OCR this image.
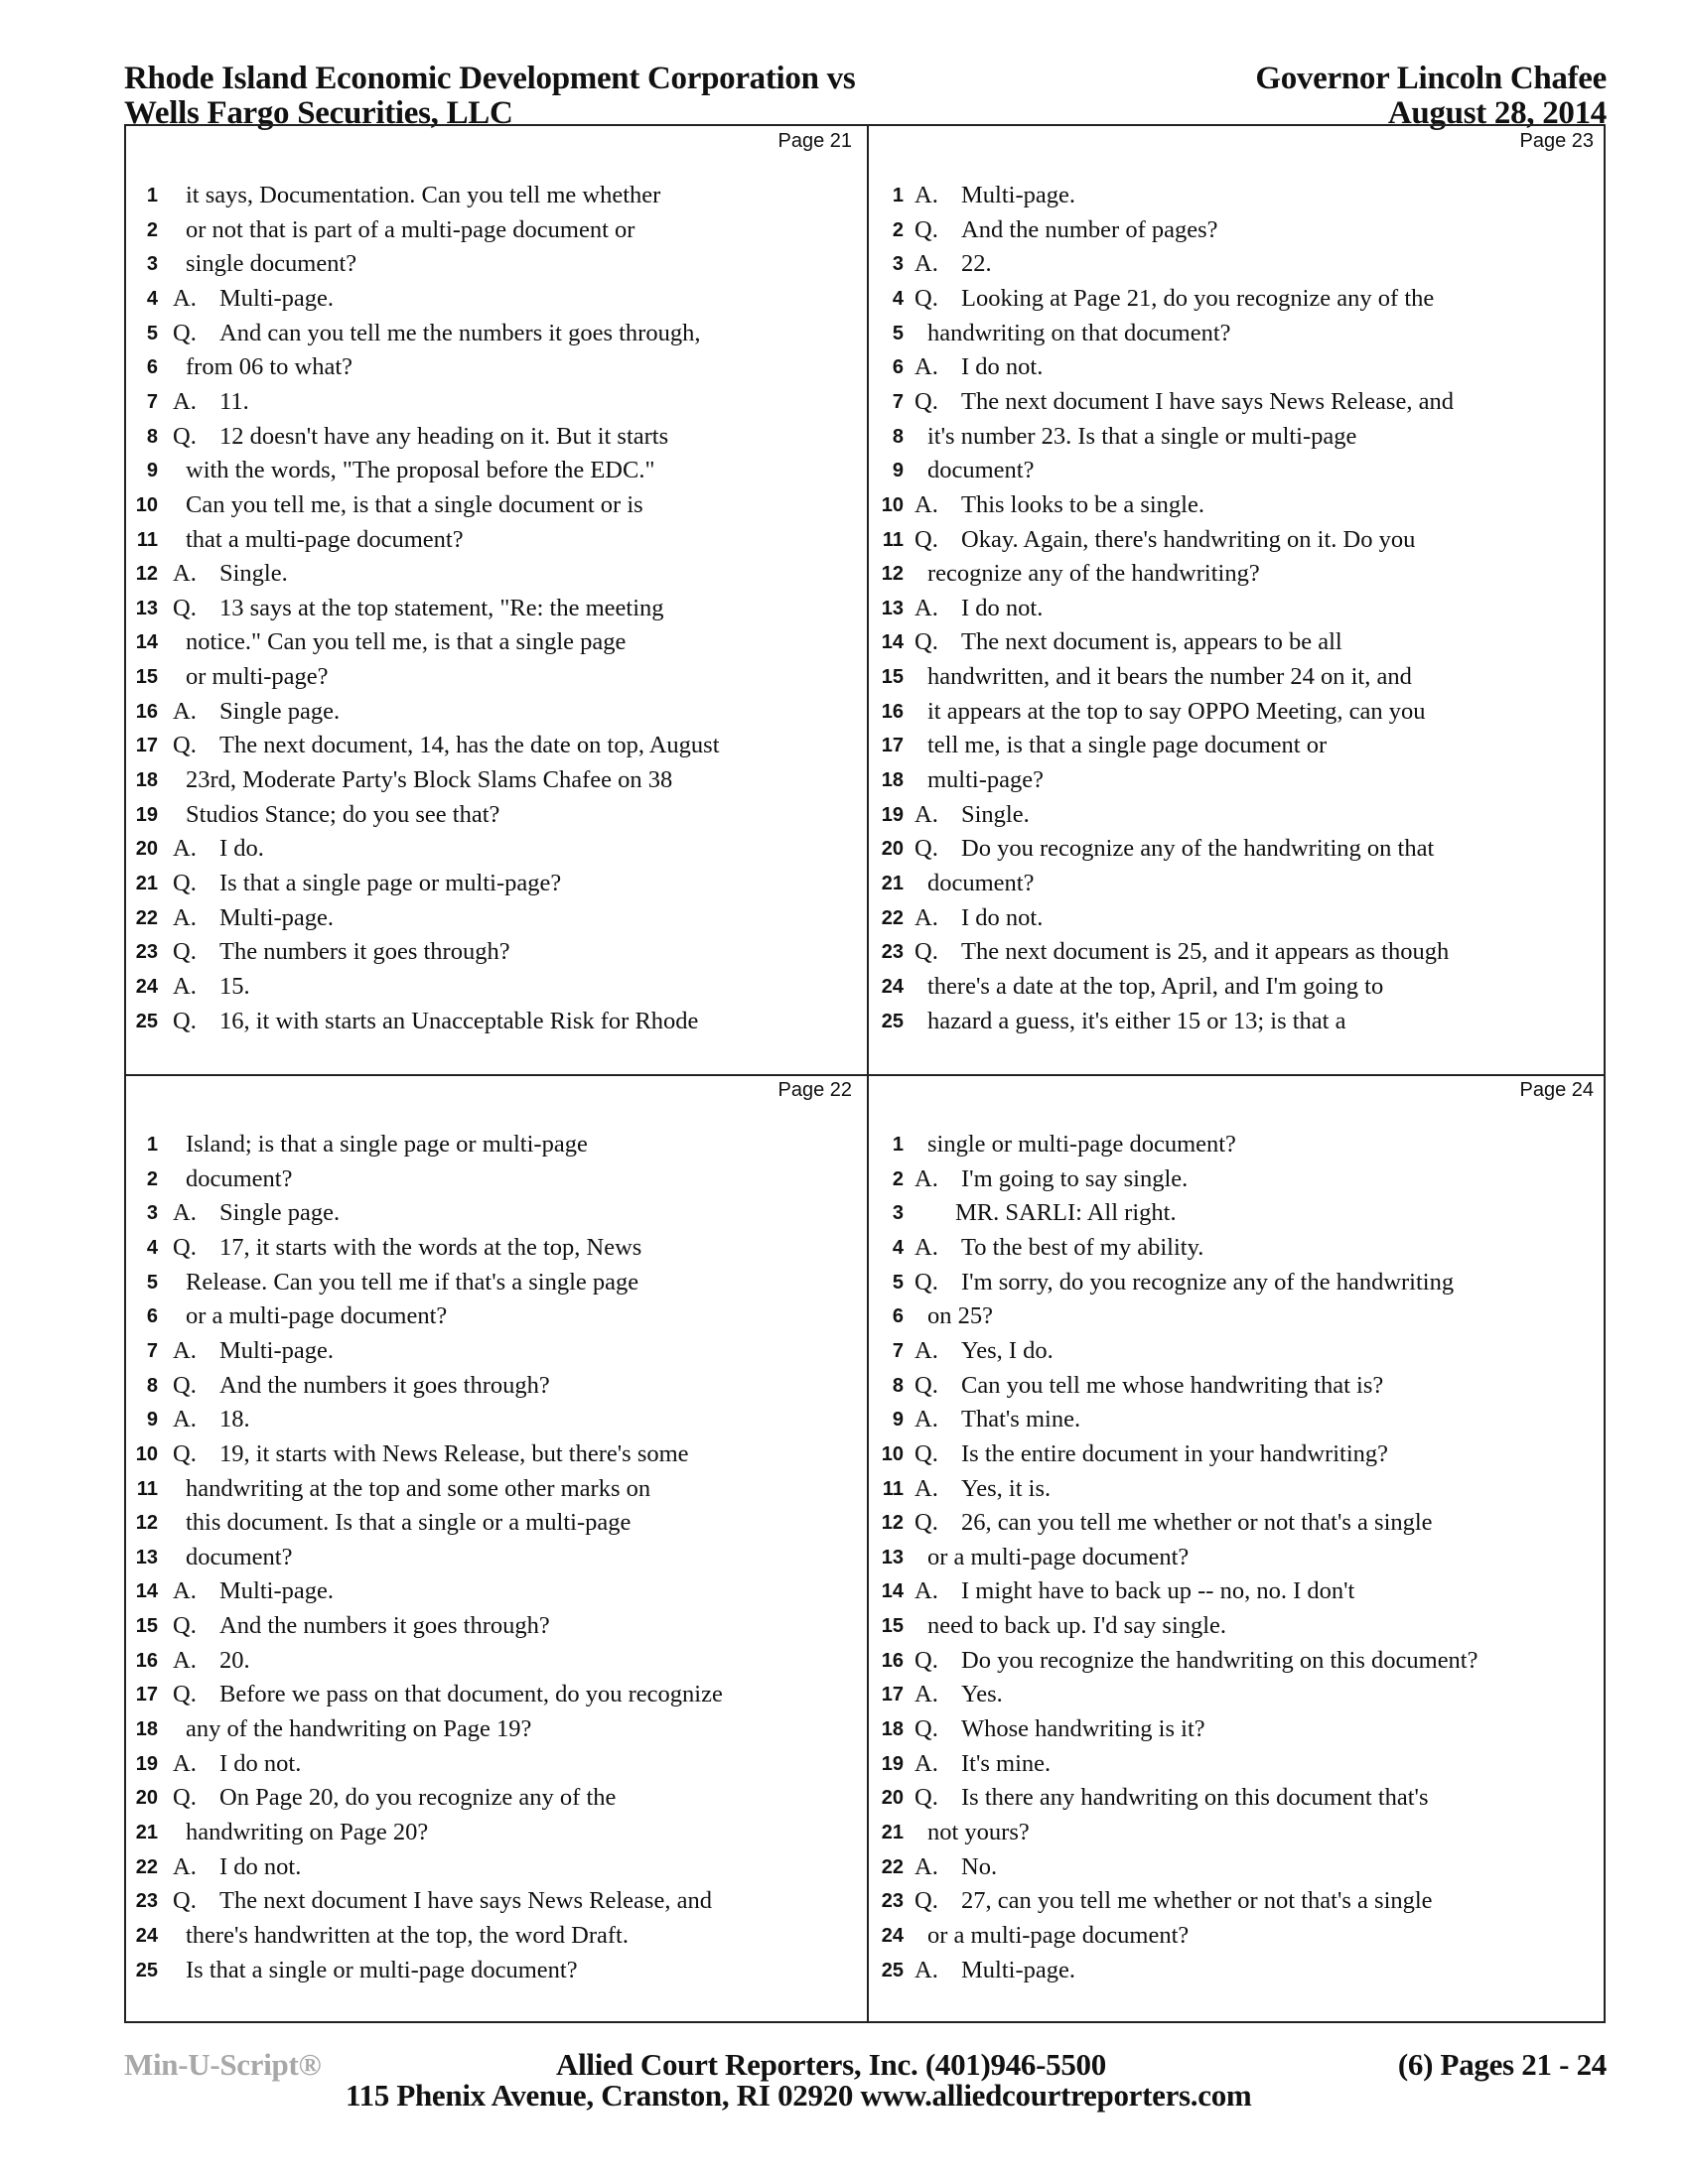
Rhode Island Economic Development Corporation vs
Wells Fargo Securities, LLC
Governor Lincoln Chafee
August 28, 2014
Page 21
1 it says, Documentation. Can you tell me whether
2 or not that is part of a multi-page document or
3 single document?
4 A. Multi-page.
5 Q. And can you tell me the numbers it goes through,
6 from 06 to what?
7 A. 11.
8 Q. 12 doesn't have any heading on it. But it starts
9 with the words, "The proposal before the EDC."
10 Can you tell me, is that a single document or is
11 that a multi-page document?
12 A. Single.
13 Q. 13 says at the top statement, "Re: the meeting
14 notice." Can you tell me, is that a single page
15 or multi-page?
16 A. Single page.
17 Q. The next document, 14, has the date on top, August
18 23rd, Moderate Party's Block Slams Chafee on 38
19 Studios Stance; do you see that?
20 A. I do.
21 Q. Is that a single page or multi-page?
22 A. Multi-page.
23 Q. The numbers it goes through?
24 A. 15.
25 Q. 16, it with starts an Unacceptable Risk for Rhode
Page 23
1 A. Multi-page.
2 Q. And the number of pages?
3 A. 22.
4 Q. Looking at Page 21, do you recognize any of the
5 handwriting on that document?
6 A. I do not.
7 Q. The next document I have says News Release, and
8 it's number 23. Is that a single or multi-page
9 document?
10 A. This looks to be a single.
11 Q. Okay. Again, there's handwriting on it. Do you
12 recognize any of the handwriting?
13 A. I do not.
14 Q. The next document is, appears to be all
15 handwritten, and it bears the number 24 on it, and
16 it appears at the top to say OPPO Meeting, can you
17 tell me, is that a single page document or
18 multi-page?
19 A. Single.
20 Q. Do you recognize any of the handwriting on that
21 document?
22 A. I do not.
23 Q. The next document is 25, and it appears as though
24 there's a date at the top, April, and I'm going to
25 hazard a guess, it's either 15 or 13; is that a
Page 22
1 Island; is that a single page or multi-page
2 document?
3 A. Single page.
4 Q. 17, it starts with the words at the top, News
5 Release. Can you tell me if that's a single page
6 or a multi-page document?
7 A. Multi-page.
8 Q. And the numbers it goes through?
9 A. 18.
10 Q. 19, it starts with News Release, but there's some
11 handwriting at the top and some other marks on
12 this document. Is that a single or a multi-page
13 document?
14 A. Multi-page.
15 Q. And the numbers it goes through?
16 A. 20.
17 Q. Before we pass on that document, do you recognize
18 any of the handwriting on Page 19?
19 A. I do not.
20 Q. On Page 20, do you recognize any of the
21 handwriting on Page 20?
22 A. I do not.
23 Q. The next document I have says News Release, and
24 there's handwritten at the top, the word Draft.
25 Is that a single or multi-page document?
Page 24
1 single or multi-page document?
2 A. I'm going to say single.
3 MR. SARLI: All right.
4 A. To the best of my ability.
5 Q. I'm sorry, do you recognize any of the handwriting
6 on 25?
7 A. Yes, I do.
8 Q. Can you tell me whose handwriting that is?
9 A. That's mine.
10 Q. Is the entire document in your handwriting?
11 A. Yes, it is.
12 Q. 26, can you tell me whether or not that's a single
13 or a multi-page document?
14 A. I might have to back up -- no, no. I don't
15 need to back up. I'd say single.
16 Q. Do you recognize the handwriting on this document?
17 A. Yes.
18 Q. Whose handwriting is it?
19 A. It's mine.
20 Q. Is there any handwriting on this document that's
21 not yours?
22 A. No.
23 Q. 27, can you tell me whether or not that's a single
24 or a multi-page document?
25 A. Multi-page.
Min-U-Script®	Allied Court Reporters, Inc. (401)946-5500	(6) Pages 21 - 24
115 Phenix Avenue, Cranston, RI 02920 www.alliedcourtreporters.com
